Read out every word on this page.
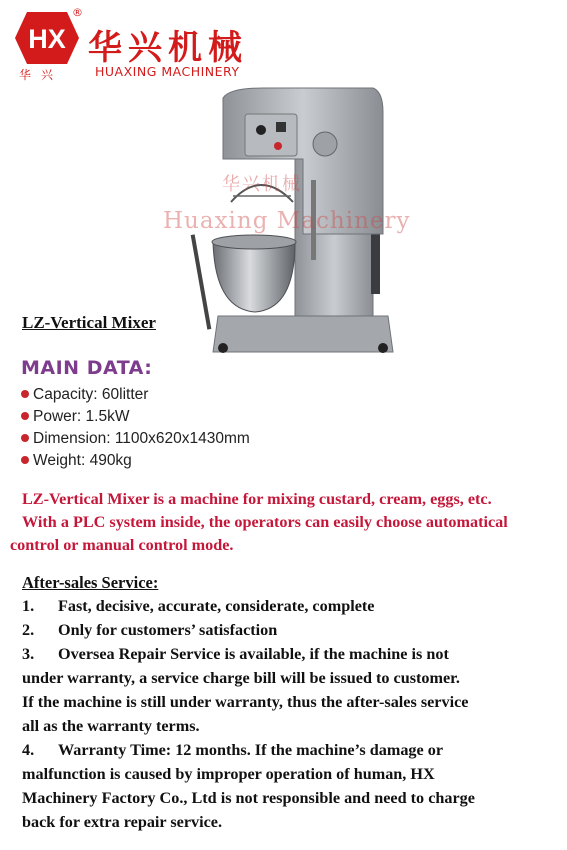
HX
®
华兴
华兴机械
HUAXING MACHINERY
华兴机械
Huaxing Machinery
LZ-Vertical Mixer
MAIN DATA:
Capacity: 60litter
Power: 1.5kW
Dimension: 1100x620x1430mm
Weight: 490kg
LZ-Vertical Mixer is a machine for mixing custard, cream, eggs, etc.
With a PLC system inside, the operators can easily choose automatical
control or manual control mode.
After-sales Service:
1. Fast, decisive, accurate, considerate, complete
2. Only for customers’ satisfaction
3. Oversea Repair Service is available, if the machine is not
under warranty, a service charge bill will be issued to customer.
If the machine is still under warranty, thus the after-sales service
all as the warranty terms.
4. Warranty Time: 12 months. If the machine’s damage or
malfunction is caused by improper operation of human, HX
Machinery Factory Co., Ltd is not responsible and need to charge
back for extra repair service.
